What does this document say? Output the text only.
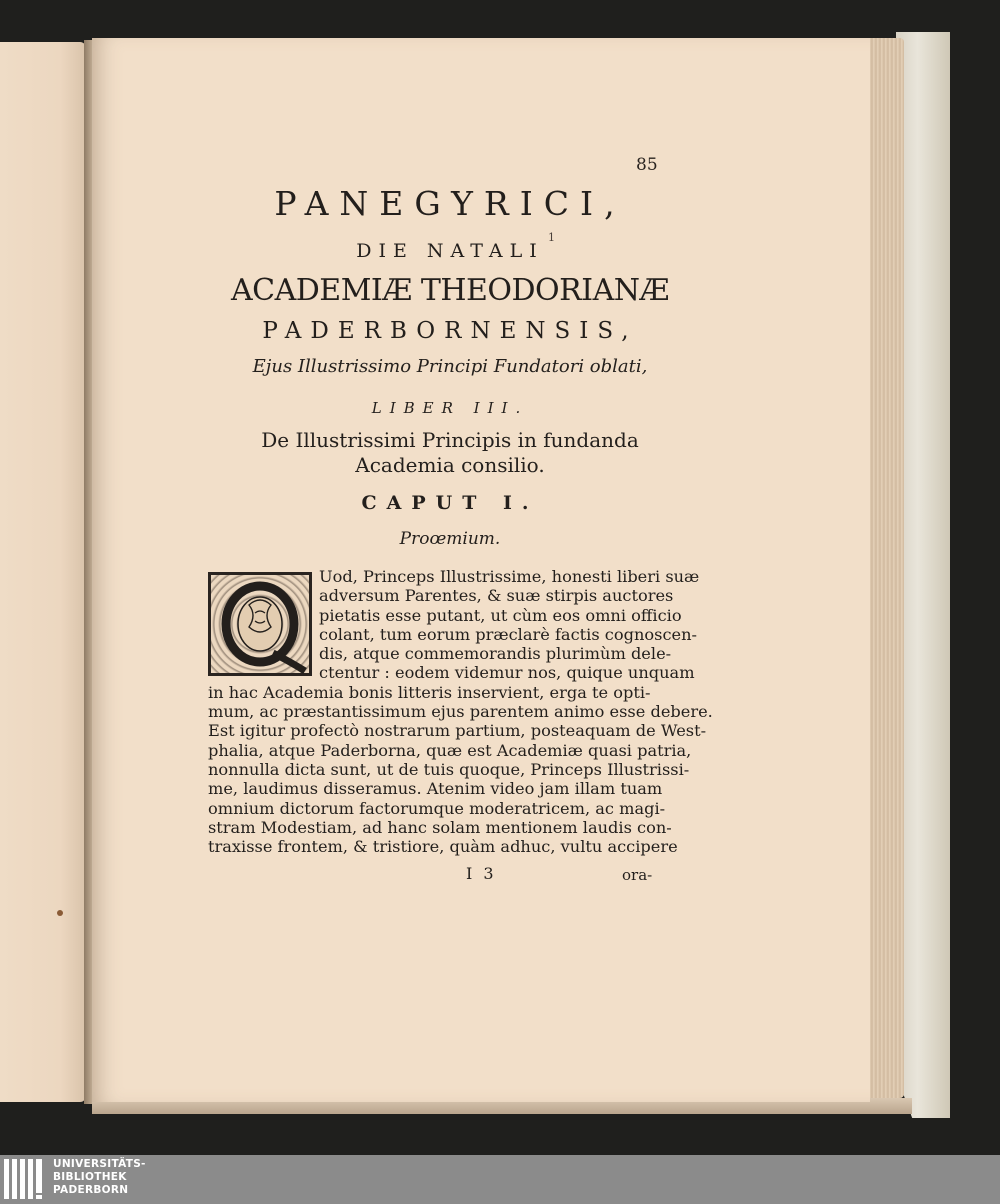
85
PANEGYRICI,
1
DIE NATALI
ACADEMIÆ THEODORIANÆ
PADERBORNENSIS,
Ejus Illustrissimo Principi Fundatori oblati,
LIBER III.
De Illustrissimi Principis in fundanda Academia consilio.
CAPUT I.
Proœmium.
Uod, Princeps Illustrissime, honesti liberi suæ
adversum Parentes, & suæ stirpis auctores
pietatis esse putant, ut cùm eos omni officio
colant, tum eorum præclarè factis cognoscen-
dis, atque commemorandis plurimùm dele-
ctentur : eodem videmur nos, quique unquam
in hac Academia bonis litteris inservient, erga te opti-
mum, ac præstantissimum ejus parentem animo esse debere.
Est igitur profectò nostrarum partium, posteaquam de West-
phalia, atque Paderborna, quæ est Academiæ quasi patria,
nonnulla dicta sunt, ut de tuis quoque, Princeps Illustrissi-
me, laudimus disseramus. Atenim video jam illam tuam
omnium dictorum factorumque moderatricem, ac magi-
stram Modestiam, ad hanc solam mentionem laudis con-
traxisse frontem, & tristiore, quàm adhuc, vultu accipere
I 3	ora-
UNIVERSITÄTS-
BIBLIOTHEK
PADERBORN
